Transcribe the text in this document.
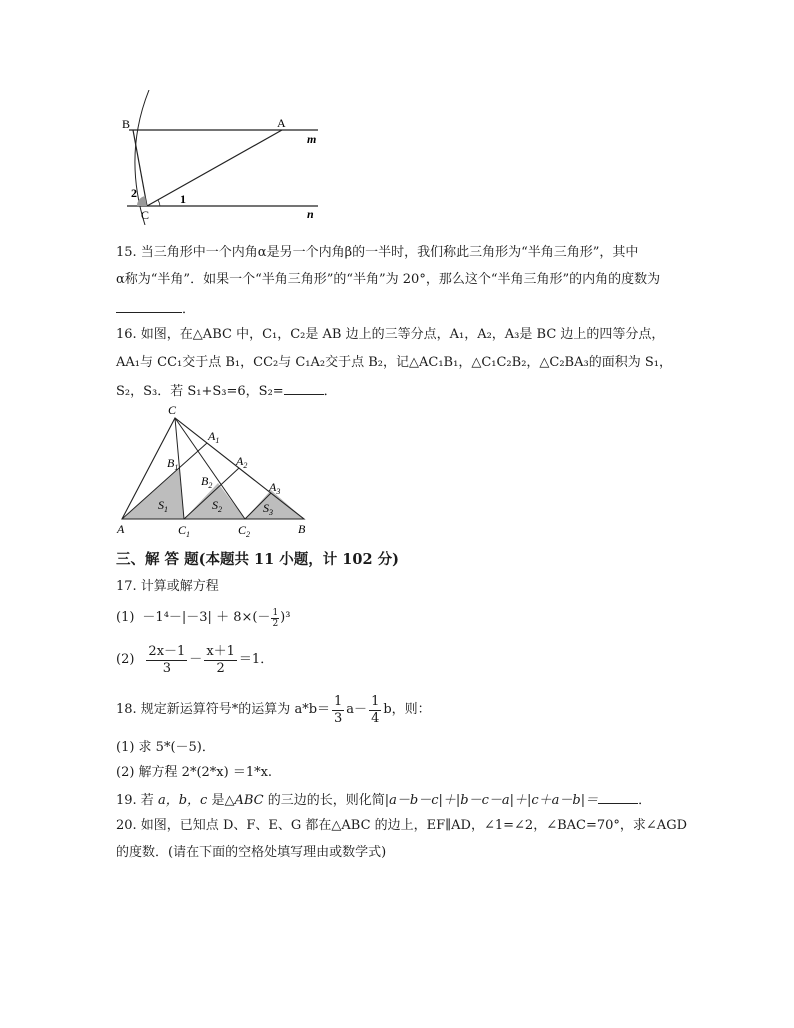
B	A
m
2	1
C	n
15. 当三角形中一个内角α是另一个内角β的一半时，我们称此三角形为“半角三角形”，其中
α称为“半角”．如果一个“半角三角形”的“半角”为 20°，那么这个“半角三角形”的内角的度数为
．
16. 如图，在△ABC 中，C₁，C₂是 AB 边上的三等分点，A₁，A₂，A₃是 BC 边上的四等分点，
AA₁与 CC₁交于点 B₁，CC₂与 C₁A₂交于点 B₂，记△AC₁B₁，△C₁C₂B₂，△C₂BA₃的面积为 S₁，
S₂，S₃．若 S₁+S₃=6，S₂=	．
C
$A_1$
$B_1$	$A_2$
$B_2$	$A_3$
$S_1$	$S_2$	$S_3$
A	$C_1$	$C_2$	B
三、解 答 题(本题共 11 小题，计 102 分)
17. 计算或解方程
$(1) -1^4-|-3| + 8\times(- \frac{1}{2} )^3$
$(2) \frac{2x-1}{3} - \frac{x+1}{2} =1$．
18. 规定新运算符号*的运算为 $a*b= \frac{1}{3} a- \frac{1}{4}$ b，则：
(1) 求 5*(－5)．
(2) 解方程 2*(2*x) ＝1*x.
19. 若 a，b，c 是△ABC 的三边的长，则化简|a－b－c|＋|b－c－a|＋|c＋a－b|＝	．
20. 如图，已知点 D、F、E、G 都在△ABC 的边上，EF∥AD，∠1=∠2，∠BAC=70°，求∠AGD
的度数．(请在下面的空格处填写理由或数学式)
